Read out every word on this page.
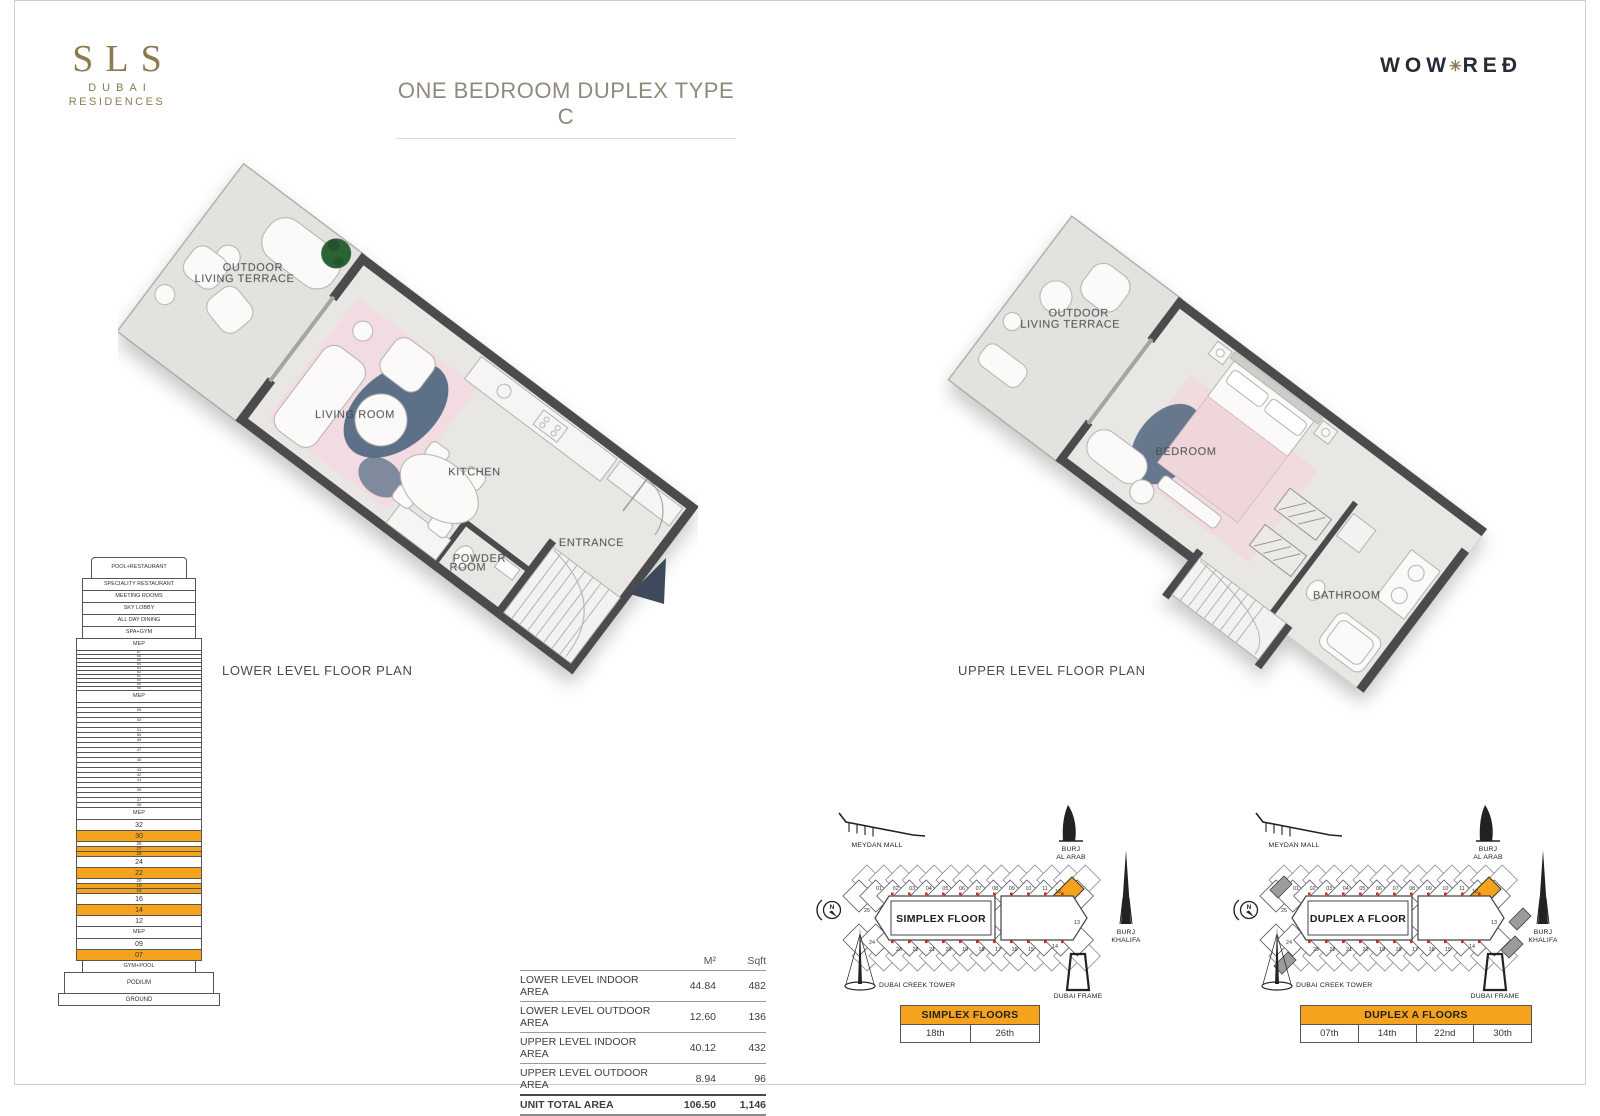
SLS
DUBAI
RESIDENCES	ONE BEDROOM DUPLEX TYPE C
WOW
✳ RE Đ
OUTDOOR
LIVING TERRACE
LIVING ROOM
KITCHEN
ENTRANCE
POWDER
ROOM
OUTDOOR
LIVING TERRACE
BEDROOM
BATHROOM
LOWER LEVEL FLOOR PLAN	UPPER LEVEL FLOOR PLAN
POOL+RESTAURANT
SPECIALITY RESTAURANT
MEETING ROOMS
SKY LOBBY
ALL DAY DINING
SPA+GYM
MEP
67
66
65
64
63
62
61
60
59
58
MEP
55
53
51
50
49
47
45
43
42
41
39
37
35
MEP
32
30
28
27
26
24
22
20
19
18
16
14
12
MEP
09
07
GYM+POOL
PODIUM
GROUND
	M²	Sqft
LOWER LEVEL INDOOR AREA	44.84	482
LOWER LEVEL OUTDOOR AREA	12.60	136
UPPER LEVEL INDOOR AREA	40.12	432
UPPER LEVEL OUTDOOR AREA	8.94	96
UNIT TOTAL AREA	106.50	1,146
SIMPLEX FLOOR
01 02 03 04 05 06 07 08 09 10 11 12
13
14
23 22 21 20 19 18 17 16 15
25
24
MEYDAN MALL
BURJ
AL ARAB
BURJ
KHALIFA
DUBAI CREEK TOWER
DUBAI FRAME
N
DUPLEX A FLOOR
01 02 03 04 05 06 07 08 09 10 11 12
13
14
23 22 21 20 19 18 17 16 15
25
24
MEYDAN MALL
BURJ
AL ARAB
BURJ
KHALIFA
DUBAI CREEK TOWER
DUBAI FRAME
N
SIMPLEX FLOORS
18th	26th
DUPLEX A FLOORS
07th	14th	22nd	30th
